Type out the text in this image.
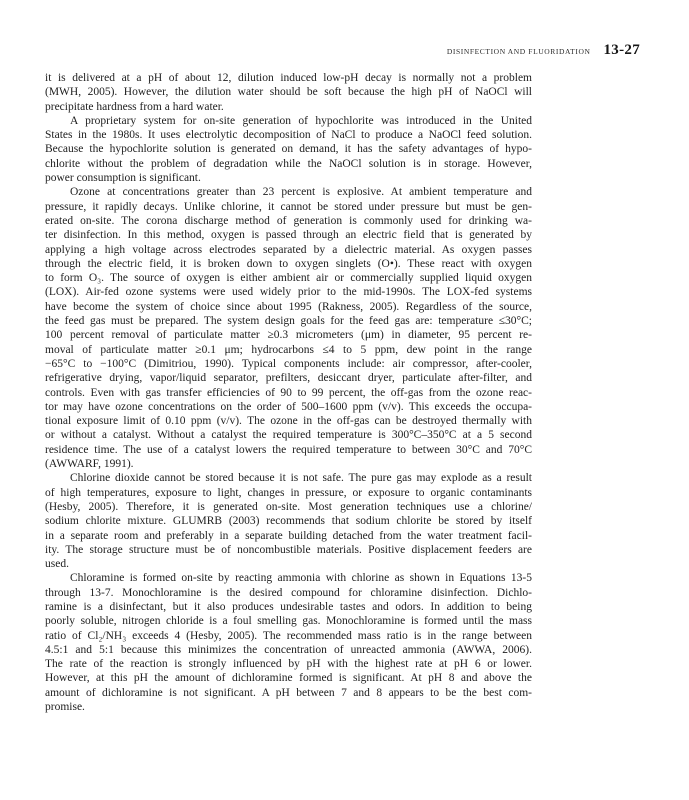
DISINFECTION AND FLUORIDATION 13-27
it is delivered at a pH of about 12, dilution induced low-pH decay is normally not a problem
(MWH, 2005). However, the dilution water should be soft because the high pH of NaOCl will
precipitate hardness from a hard water.
A proprietary system for on-site generation of hypochlorite was introduced in the United
States in the 1980s. It uses electrolytic decomposition of NaCl to produce a NaOCl feed solution.
Because the hypochlorite solution is generated on demand, it has the safety advantages of hypo-
chlorite without the problem of degradation while the NaOCl solution is in storage. However,
power consumption is significant.
Ozone at concentrations greater than 23 percent is explosive. At ambient temperature and
pressure, it rapidly decays. Unlike chlorine, it cannot be stored under pressure but must be gen-
erated on-site. The corona discharge method of generation is commonly used for drinking wa-
ter disinfection. In this method, oxygen is passed through an electric field that is generated by
applying a high voltage across electrodes separated by a dielectric material. As oxygen passes
through the electric field, it is broken down to oxygen singlets (O•). These react with oxygen
to form O₃. The source of oxygen is either ambient air or commercially supplied liquid oxygen
(LOX). Air-fed ozone systems were used widely prior to the mid-1990s. The LOX-fed systems
have become the system of choice since about 1995 (Rakness, 2005). Regardless of the source,
the feed gas must be prepared. The system design goals for the feed gas are: temperature ≤30°C;
100 percent removal of particulate matter ≥0.3 micrometers (μm) in diameter, 95 percent re-
moval of particulate matter ≥0.1 μm; hydrocarbons ≤4 to 5 ppm, dew point in the range
−65°C to −100°C (Dimitriou, 1990). Typical components include: air compressor, after-cooler,
refrigerative drying, vapor/liquid separator, prefilters, desiccant dryer, particulate after-filter, and
controls. Even with gas transfer efficiencies of 90 to 99 percent, the off-gas from the ozone reac-
tor may have ozone concentrations on the order of 500–1600 ppm (v/v). This exceeds the occupa-
tional exposure limit of 0.10 ppm (v/v). The ozone in the off-gas can be destroyed thermally with
or without a catalyst. Without a catalyst the required temperature is 300°C–350°C at a 5 second
residence time. The use of a catalyst lowers the required temperature to between 30°C and 70°C
(AWWARF, 1991).
Chlorine dioxide cannot be stored because it is not safe. The pure gas may explode as a result
of high temperatures, exposure to light, changes in pressure, or exposure to organic contaminants
(Hesby, 2005). Therefore, it is generated on-site. Most generation techniques use a chlorine/
sodium chlorite mixture. GLUMRB (2003) recommends that sodium chlorite be stored by itself
in a separate room and preferably in a separate building detached from the water treatment facil-
ity. The storage structure must be of noncombustible materials. Positive displacement feeders are
used.
Chloramine is formed on-site by reacting ammonia with chlorine as shown in Equations 13-5
through 13-7. Monochloramine is the desired compound for chloramine disinfection. Dichlo-
ramine is a disinfectant, but it also produces undesirable tastes and odors. In addition to being
poorly soluble, nitrogen chloride is a foul smelling gas. Monochloramine is formed until the mass
ratio of Cl₂/NH₃ exceeds 4 (Hesby, 2005). The recommended mass ratio is in the range between
4.5:1 and 5:1 because this minimizes the concentration of unreacted ammonia (AWWA, 2006).
The rate of the reaction is strongly influenced by pH with the highest rate at pH 6 or lower.
However, at this pH the amount of dichloramine formed is significant. At pH 8 and above the
amount of dichloramine is not significant. A pH between 7 and 8 appears to be the best com-
promise.
